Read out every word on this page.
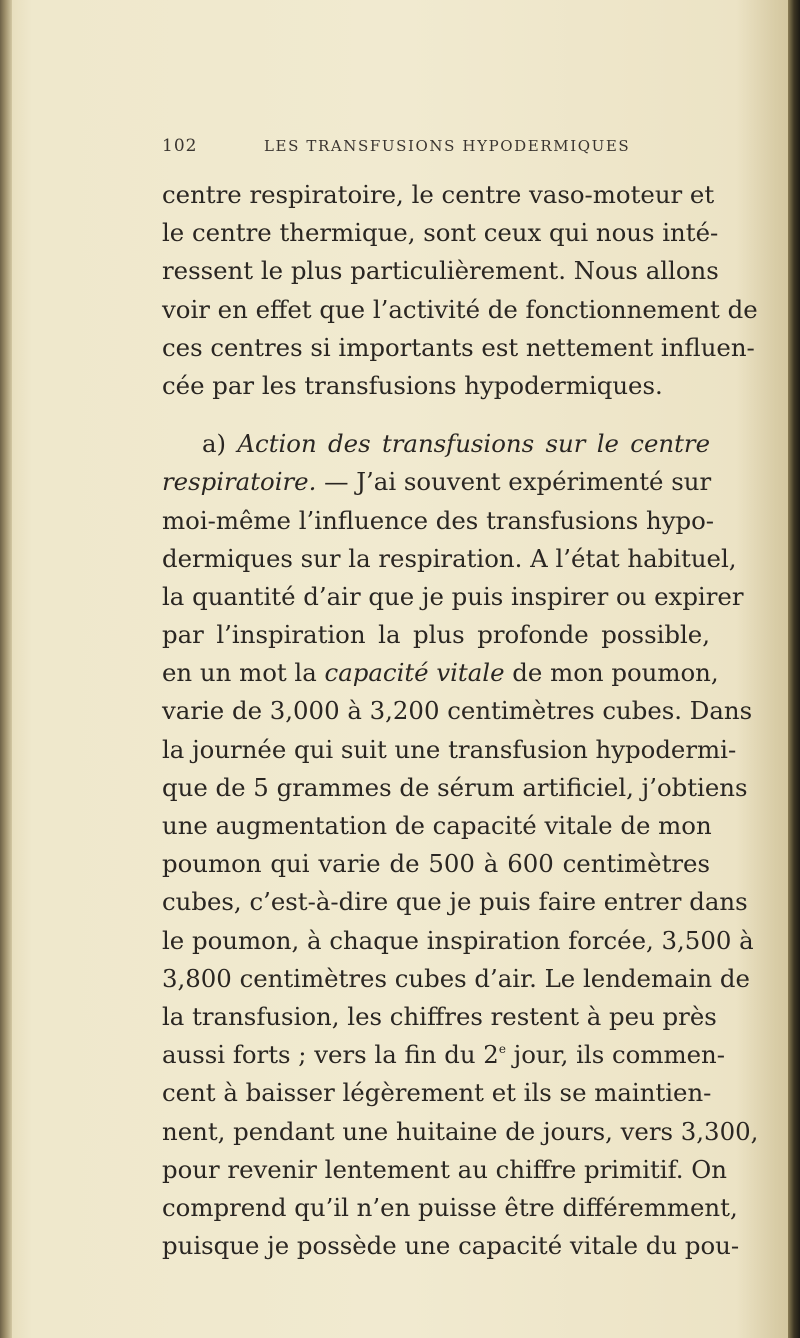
102	LES TRANSFUSIONS HYPODERMIQUES
centre respiratoire, le centre vaso-moteur et
le centre thermique, sont ceux qui nous inté-
ressent le plus particulièrement. Nous allons
voir en effet que l’activité de fonctionnement de
ces centres si importants est nettement influen-
cée par les transfusions hypodermiques.
a) Action des transfusions sur le centre
respiratoire. — J’ai souvent expérimenté sur
moi-même l’influence des transfusions hypo-
dermiques sur la respiration. A l’état habituel,
la quantité d’air que je puis inspirer ou expirer
par l’inspiration la plus profonde possible,
en un mot la capacité vitale de mon poumon,
varie de 3,000 à 3,200 centimètres cubes. Dans
la journée qui suit une transfusion hypodermi-
que de 5 grammes de sérum artificiel, j’obtiens
une augmentation de capacité vitale de mon
poumon qui varie de 500 à 600 centimètres
cubes, c’est-à-dire que je puis faire entrer dans
le poumon, à chaque inspiration forcée, 3,500 à
3,800 centimètres cubes d’air. Le lendemain de
la transfusion, les chiffres restent à peu près
aussi forts ; vers la fin du 2e jour, ils commen-
cent à baisser légèrement et ils se maintien-
nent, pendant une huitaine de jours, vers 3,300,
pour revenir lentement au chiffre primitif. On
comprend qu’il n’en puisse être différemment,
puisque je possède une capacité vitale du pou-
